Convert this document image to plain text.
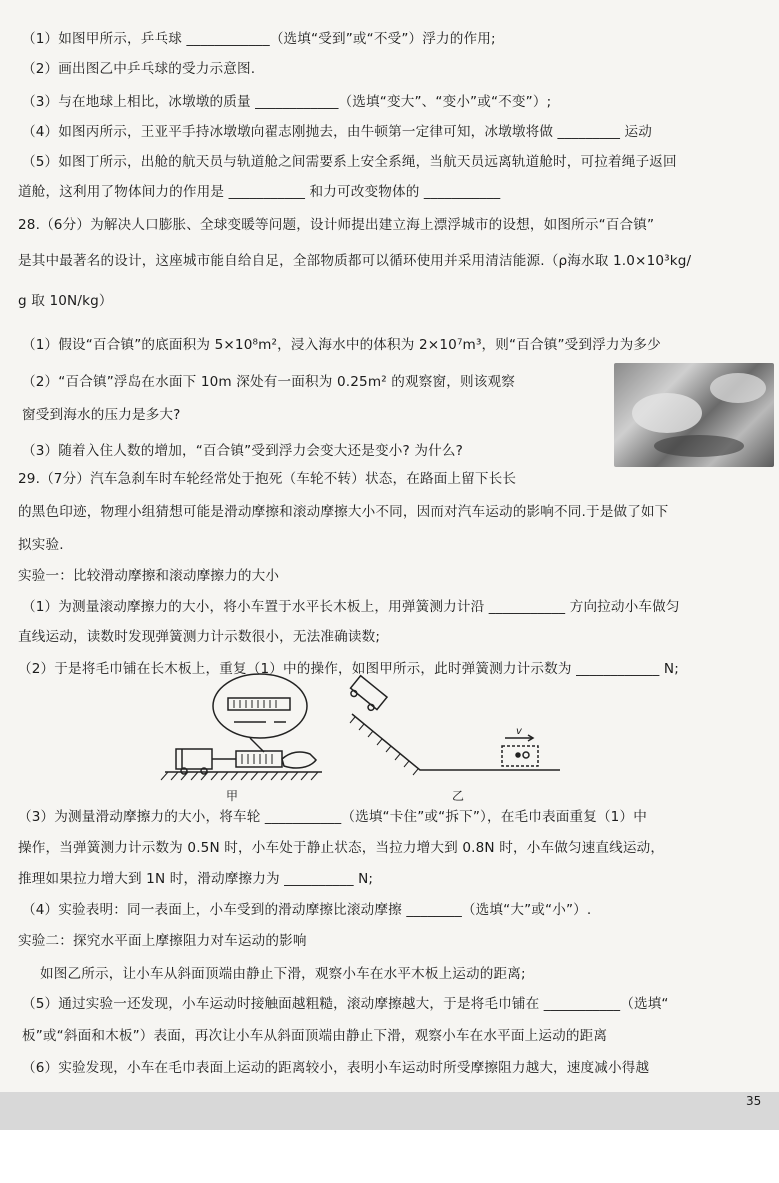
（1）如图甲所示，乒乓球 ____________（选填“受到”或“不受”）浮力的作用;
（2）画出图乙中乒乓球的受力示意图.
（3）与在地球上相比，冰墩墩的质量 ____________（选填“变大”、“变小”或“不变”）;
（4）如图丙所示，王亚平手持冰墩墩向翟志刚抛去，由牛顿第一定律可知，冰墩墩将做 _________ 运动
（5）如图丁所示，出舱的航天员与轨道舱之间需要系上安全系绳，当航天员远离轨道舱时，可拉着绳子返回
道舱，这利用了物体间力的作用是 ___________ 和力可改变物体的 ___________
28.（6分）为解决人口膨胀、全球变暖等问题，设计师提出建立海上漂浮城市的设想，如图所示“百合镇”
是其中最著名的设计，这座城市能自给自足，全部物质都可以循环使用并采用清洁能源.（ρ海水取 1.0×10³kg/
g 取 10N/kg）
（1）假设“百合镇”的底面积为 5×10⁸m²，浸入海水中的体积为 2×10⁷m³，则“百合镇”受到浮力为多少
（2）“百合镇”浮岛在水面下 10m 深处有一面积为 0.25m² 的观察窗，则该观察
窗受到海水的压力是多大?
（3）随着入住人数的增加，“百合镇”受到浮力会变大还是变小? 为什么?
29.（7分）汽车急刹车时车轮经常处于抱死（车轮不转）状态，在路面上留下长长
的黑色印迹，物理小组猜想可能是滑动摩擦和滚动摩擦大小不同，因而对汽车运动的影响不同.于是做了如下
拟实验.
实验一：比较滑动摩擦和滚动摩擦力的大小
（1）为测量滚动摩擦力的大小，将小车置于水平长木板上，用弹簧测力计沿 ___________ 方向拉动小车做匀
直线运动，读数时发现弹簧测力计示数很小，无法准确读数;
（2）于是将毛巾铺在长木板上，重复（1）中的操作，如图甲所示，此时弹簧测力计示数为 ____________ N;
v
甲	乙
（3）为测量滑动摩擦力的大小，将车轮 ___________（选填“卡住”或“拆下”），在毛巾表面重复（1）中
操作，当弹簧测力计示数为 0.5N 时，小车处于静止状态，当拉力增大到 0.8N 时，小车做匀速直线运动，
推理如果拉力增大到 1N 时，滑动摩擦力为 __________ N;
（4）实验表明：同一表面上，小车受到的滑动摩擦比滚动摩擦 ________（选填“大”或“小”）.
实验二：探究水平面上摩擦阻力对车运动的影响
如图乙所示，让小车从斜面顶端由静止下滑，观察小车在水平木板上运动的距离;
（5）通过实验一还发现，小车运动时接触面越粗糙，滚动摩擦越大，于是将毛巾铺在 ___________（选填“
板”或“斜面和木板”）表面，再次让小车从斜面顶端由静止下滑，观察小车在水平面上运动的距离
（6）实验发现，小车在毛巾表面上运动的距离较小，表明小车运动时所受摩擦阻力越大，速度减小得越
35
